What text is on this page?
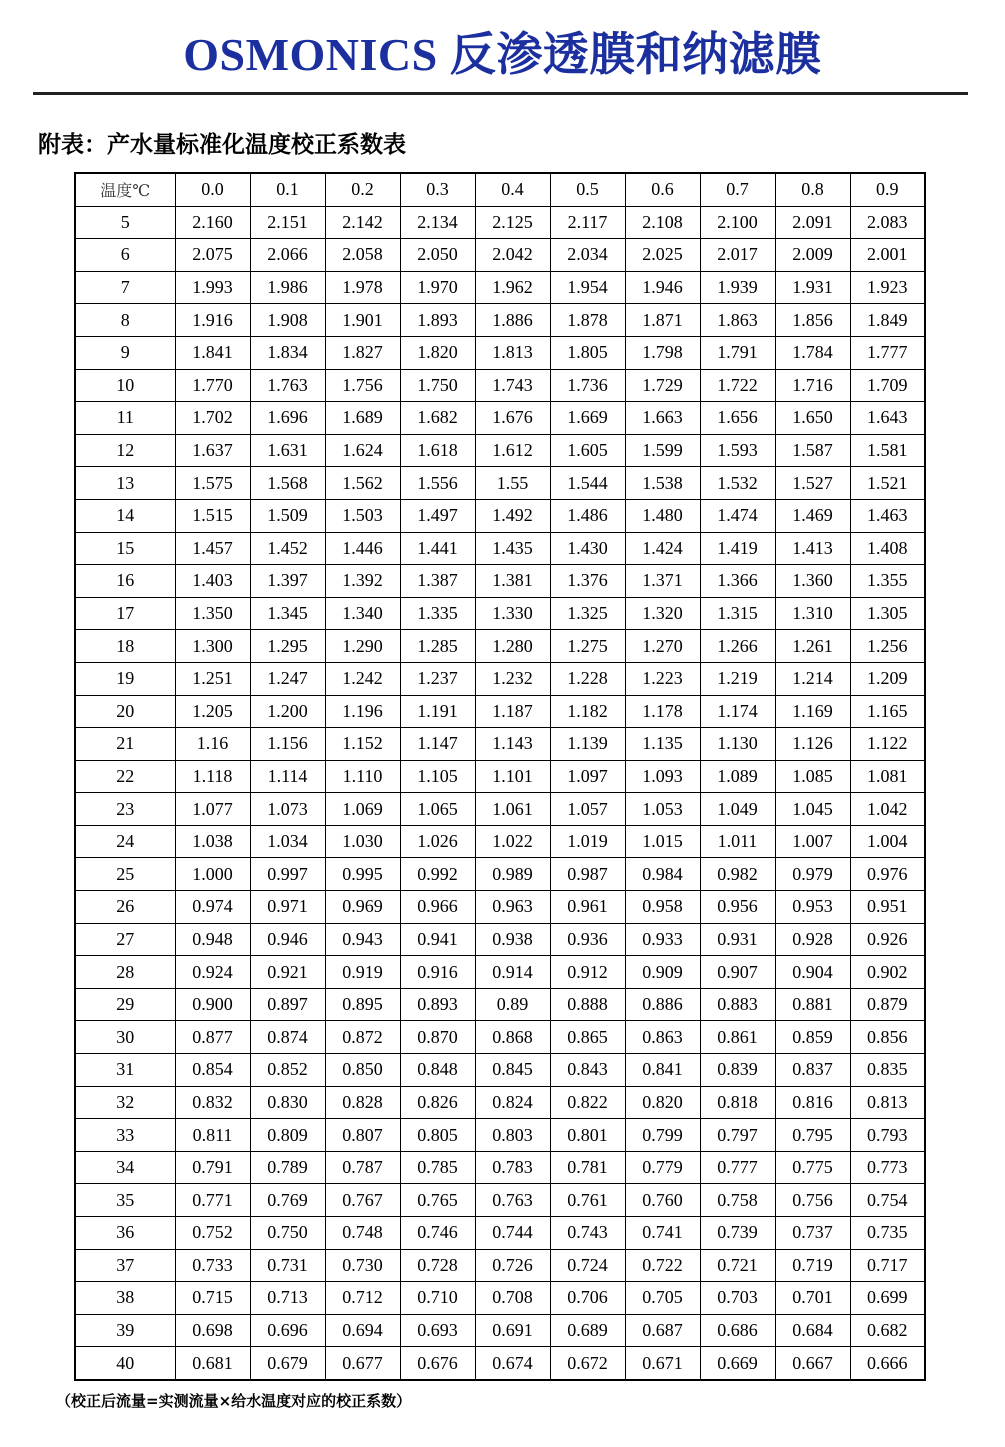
OSMONICS 反渗透膜和纳滤膜
附表：产水量标准化温度校正系数表
温度℃	0.0	0.1	0.2	0.3	0.4	0.5	0.6	0.7	0.8	0.9
5	2.160	2.151	2.142	2.134	2.125	2.117	2.108	2.100	2.091	2.083
6	2.075	2.066	2.058	2.050	2.042	2.034	2.025	2.017	2.009	2.001
7	1.993	1.986	1.978	1.970	1.962	1.954	1.946	1.939	1.931	1.923
8	1.916	1.908	1.901	1.893	1.886	1.878	1.871	1.863	1.856	1.849
9	1.841	1.834	1.827	1.820	1.813	1.805	1.798	1.791	1.784	1.777
10	1.770	1.763	1.756	1.750	1.743	1.736	1.729	1.722	1.716	1.709
11	1.702	1.696	1.689	1.682	1.676	1.669	1.663	1.656	1.650	1.643
12	1.637	1.631	1.624	1.618	1.612	1.605	1.599	1.593	1.587	1.581
13	1.575	1.568	1.562	1.556	1.55	1.544	1.538	1.532	1.527	1.521
14	1.515	1.509	1.503	1.497	1.492	1.486	1.480	1.474	1.469	1.463
15	1.457	1.452	1.446	1.441	1.435	1.430	1.424	1.419	1.413	1.408
16	1.403	1.397	1.392	1.387	1.381	1.376	1.371	1.366	1.360	1.355
17	1.350	1.345	1.340	1.335	1.330	1.325	1.320	1.315	1.310	1.305
18	1.300	1.295	1.290	1.285	1.280	1.275	1.270	1.266	1.261	1.256
19	1.251	1.247	1.242	1.237	1.232	1.228	1.223	1.219	1.214	1.209
20	1.205	1.200	1.196	1.191	1.187	1.182	1.178	1.174	1.169	1.165
21	1.16	1.156	1.152	1.147	1.143	1.139	1.135	1.130	1.126	1.122
22	1.118	1.114	1.110	1.105	1.101	1.097	1.093	1.089	1.085	1.081
23	1.077	1.073	1.069	1.065	1.061	1.057	1.053	1.049	1.045	1.042
24	1.038	1.034	1.030	1.026	1.022	1.019	1.015	1.011	1.007	1.004
25	1.000	0.997	0.995	0.992	0.989	0.987	0.984	0.982	0.979	0.976
26	0.974	0.971	0.969	0.966	0.963	0.961	0.958	0.956	0.953	0.951
27	0.948	0.946	0.943	0.941	0.938	0.936	0.933	0.931	0.928	0.926
28	0.924	0.921	0.919	0.916	0.914	0.912	0.909	0.907	0.904	0.902
29	0.900	0.897	0.895	0.893	0.89	0.888	0.886	0.883	0.881	0.879
30	0.877	0.874	0.872	0.870	0.868	0.865	0.863	0.861	0.859	0.856
31	0.854	0.852	0.850	0.848	0.845	0.843	0.841	0.839	0.837	0.835
32	0.832	0.830	0.828	0.826	0.824	0.822	0.820	0.818	0.816	0.813
33	0.811	0.809	0.807	0.805	0.803	0.801	0.799	0.797	0.795	0.793
34	0.791	0.789	0.787	0.785	0.783	0.781	0.779	0.777	0.775	0.773
35	0.771	0.769	0.767	0.765	0.763	0.761	0.760	0.758	0.756	0.754
36	0.752	0.750	0.748	0.746	0.744	0.743	0.741	0.739	0.737	0.735
37	0.733	0.731	0.730	0.728	0.726	0.724	0.722	0.721	0.719	0.717
38	0.715	0.713	0.712	0.710	0.708	0.706	0.705	0.703	0.701	0.699
39	0.698	0.696	0.694	0.693	0.691	0.689	0.687	0.686	0.684	0.682
40	0.681	0.679	0.677	0.676	0.674	0.672	0.671	0.669	0.667	0.666
（校正后流量=实测流量×给水温度对应的校正系数）
